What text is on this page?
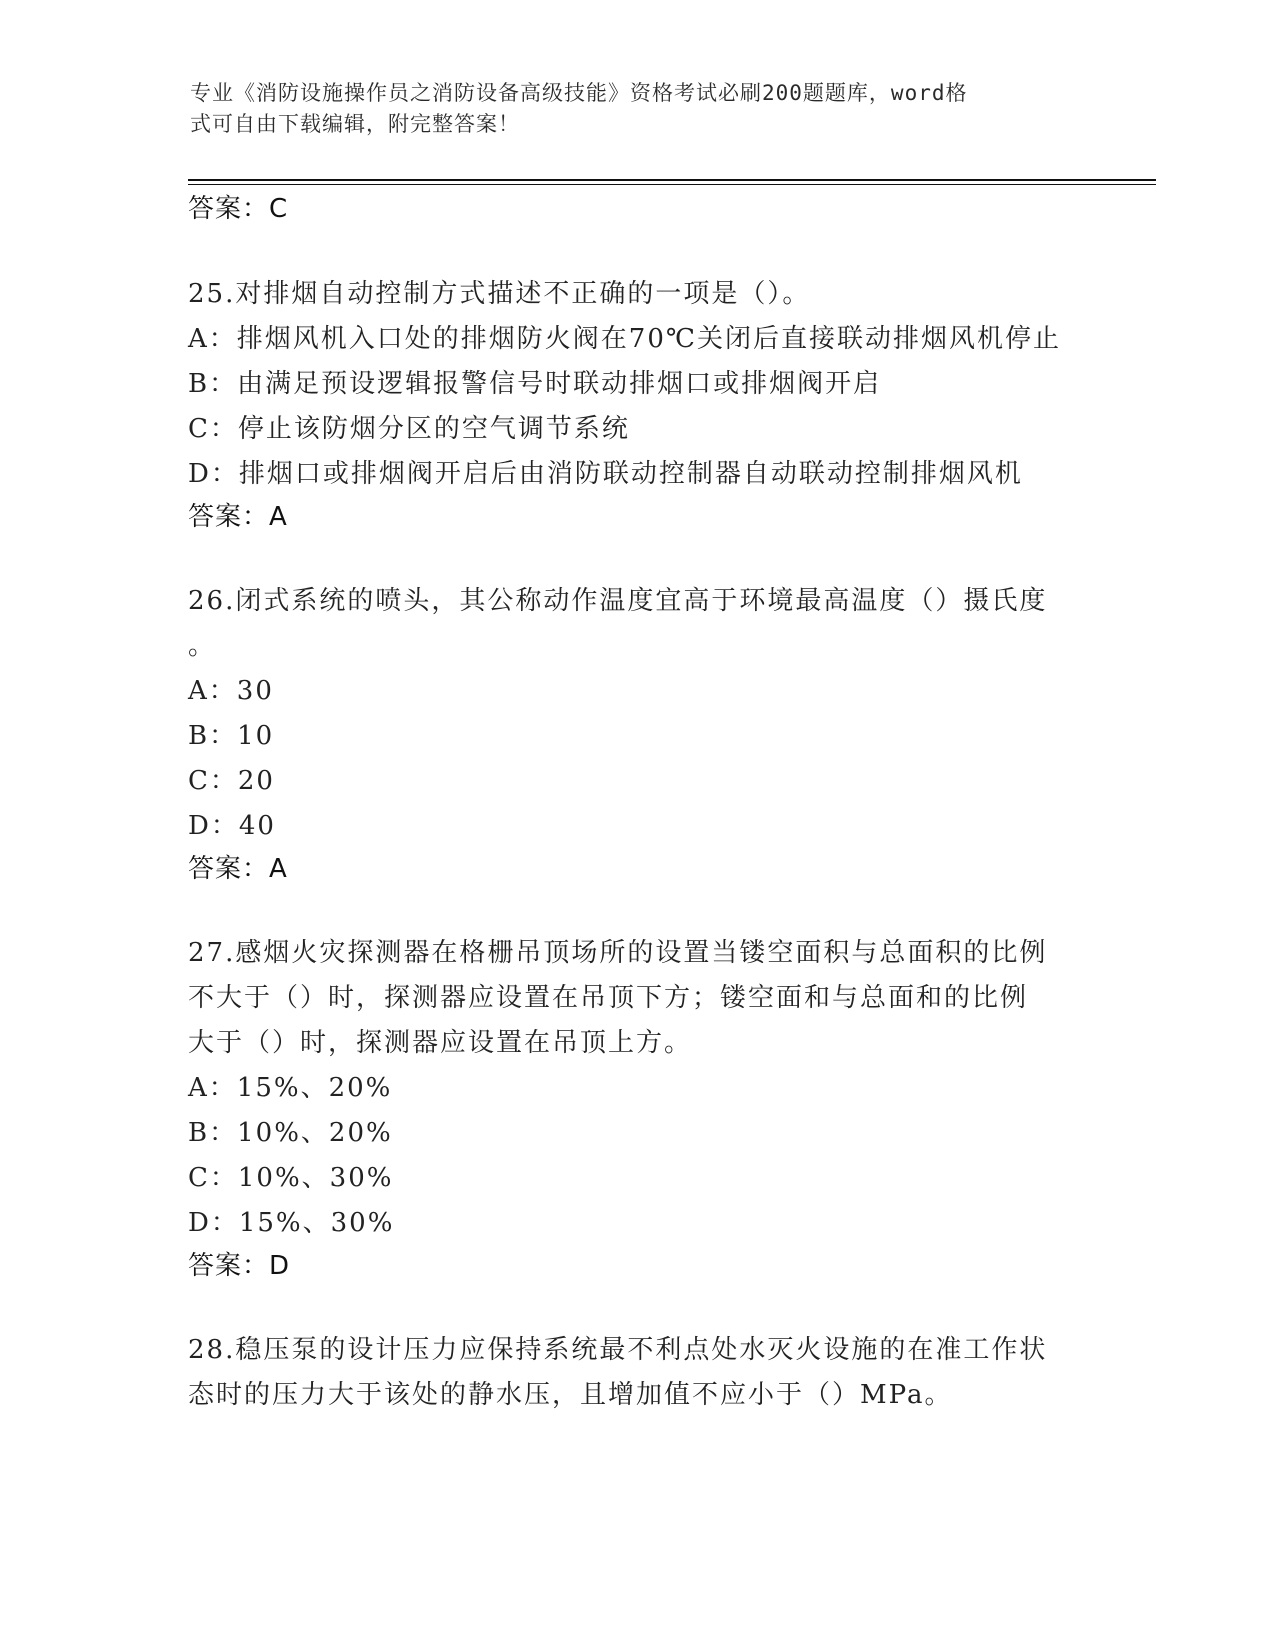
专业《消防设施操作员之消防设备高级技能》资格考试必刷200题题库，word格
式可自由下载编辑，附完整答案！
答案：C
25.对排烟自动控制方式描述不正确的一项是（）。
A：排烟风机入口处的排烟防火阀在70℃关闭后直接联动排烟风机停止
B：由满足预设逻辑报警信号时联动排烟口或排烟阀开启
C：停止该防烟分区的空气调节系统
D：排烟口或排烟阀开启后由消防联动控制器自动联动控制排烟风机
答案：A
26.闭式系统的喷头，其公称动作温度宜高于环境最高温度（）摄氏度
。
A：30
B：10
C：20
D：40
答案：A
27.感烟火灾探测器在格栅吊顶场所的设置当镂空面积与总面积的比例
不大于（）时，探测器应设置在吊顶下方；镂空面和与总面和的比例
大于（）时，探测器应设置在吊顶上方。
A：15%、20%
B：10%、20%
C：10%、30%
D：15%、30%
答案：D
28.稳压泵的设计压力应保持系统最不利点处水灭火设施的在准工作状
态时的压力大于该处的静水压，且增加值不应小于（）MPa。
